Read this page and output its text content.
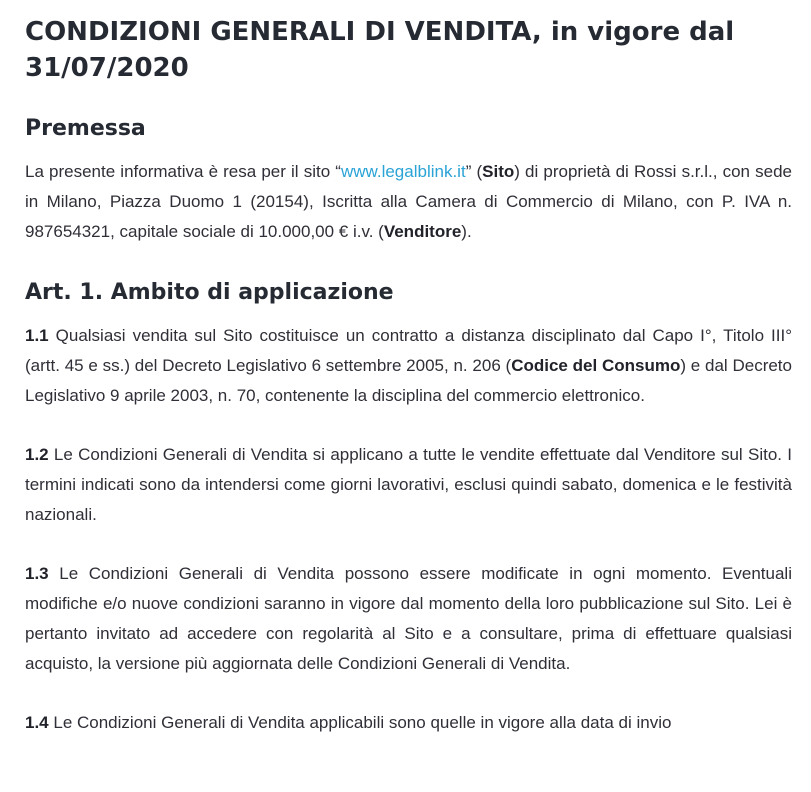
CONDIZIONI GENERALI DI VENDITA, in vigore dal 31/07/2020
Premessa

La presente informativa è resa per il sito “www.legalblink.it” (Sito) di proprietà di Rossi s.r.l., con sede in Milano, Piazza Duomo 1 (20154), Iscritta alla Camera di Commercio di Milano, con P. IVA n. 987654321, capitale sociale di 10.000,00 € i.v. (Venditore).

Art. 1. Ambito di applicazione

1.1 Qualsiasi vendita sul Sito costituisce un contratto a distanza disciplinato dal Capo I°, Titolo III° (artt. 45 e ss.) del Decreto Legislativo 6 settembre 2005, n. 206 (Codice del Consumo) e dal Decreto Legislativo 9 aprile 2003, n. 70, contenente la disciplina del commercio elettronico.

1.2 Le Condizioni Generali di Vendita si applicano a tutte le vendite effettuate dal Venditore sul Sito. I termini indicati sono da intendersi come giorni lavorativi, esclusi quindi sabato, domenica e le festività nazionali.

1.3 Le Condizioni Generali di Vendita possono essere modificate in ogni momento. Eventuali modifiche e/o nuove condizioni saranno in vigore dal momento della loro pubblicazione sul Sito. Lei è pertanto invitato ad accedere con regolarità al Sito e a consultare, prima di effettuare qualsiasi acquisto, la versione più aggiornata delle Condizioni Generali di Vendita.

1.4 Le Condizioni Generali di Vendita applicabili sono quelle in vigore alla data di invio
